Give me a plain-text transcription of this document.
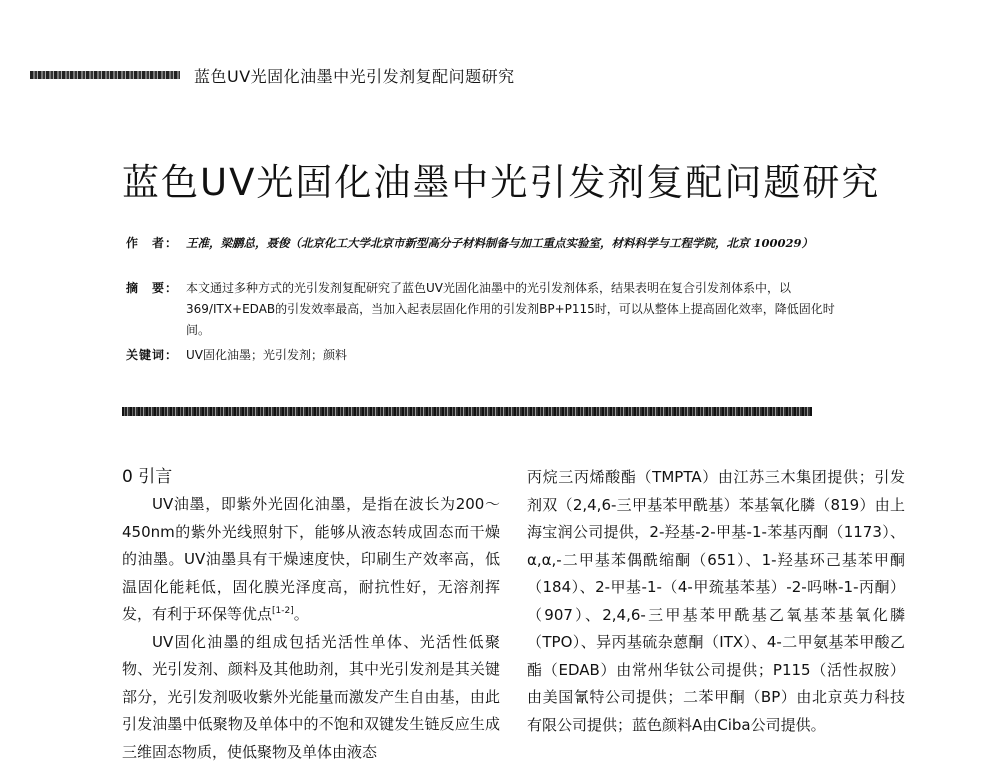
蓝色UV光固化油墨中光引发剂复配问题研究
蓝色UV光固化油墨中光引发剂复配问题研究
作　者： 王准，梁鹏总，聂俊（北京化工大学北京市新型高分子材料制备与加工重点实验室，材料科学与工程学院，北京 100029）
摘　要： 本文通过多种方式的光引发剂复配研究了蓝色UV光固化油墨中的光引发剂体系，结果表明在复合引发剂体系中，以369/ITX+EDAB的引发效率最高，当加入起表层固化作用的引发剂BP+P115时，可以从整体上提高固化效率，降低固化时间。
关键词： UV固化油墨；光引发剂；颜料
0 引言

UV油墨，即紫外光固化油墨，是指在波长为200～450nm的紫外光线照射下，能够从液态转成固态而干燥的油墨。UV油墨具有干燥速度快，印刷生产效率高，低温固化能耗低，固化膜光泽度高，耐抗性好，无溶剂挥发，有利于环保等优点[1-2]。

UV固化油墨的组成包括光活性单体、光活性低聚物、光引发剂、颜料及其他助剂，其中光引发剂是其关键部分，光引发剂吸收紫外光能量而激发产生自由基，由此引发油墨中低聚物及单体中的不饱和双键发生链反应生成三维固态物质，使低聚物及单体由液态

丙烷三丙烯酸酯（TMPTA）由江苏三木集团提供；引发剂双（2,4,6-三甲基苯甲酰基）苯基氧化膦（819）由上海宝润公司提供，2-羟基-2-甲基-1-苯基丙酮（1173）、α,α,-二甲基苯偶酰缩酮（651）、1-羟基环己基苯甲酮（184）、2-甲基-1-（4-甲巯基苯基）-2-吗啉-1-丙酮）（907）、2,4,6-三甲基苯甲酰基乙氧基苯基氧化膦（TPO）、异丙基硫杂蒽酮（ITX）、4-二甲氨基苯甲酸乙酯（EDAB）由常州华钛公司提供；P115（活性叔胺）由美国氰特公司提供；二苯甲酮（BP）由北京英力科技有限公司提供；蓝色颜料A由Ciba公司提供。
